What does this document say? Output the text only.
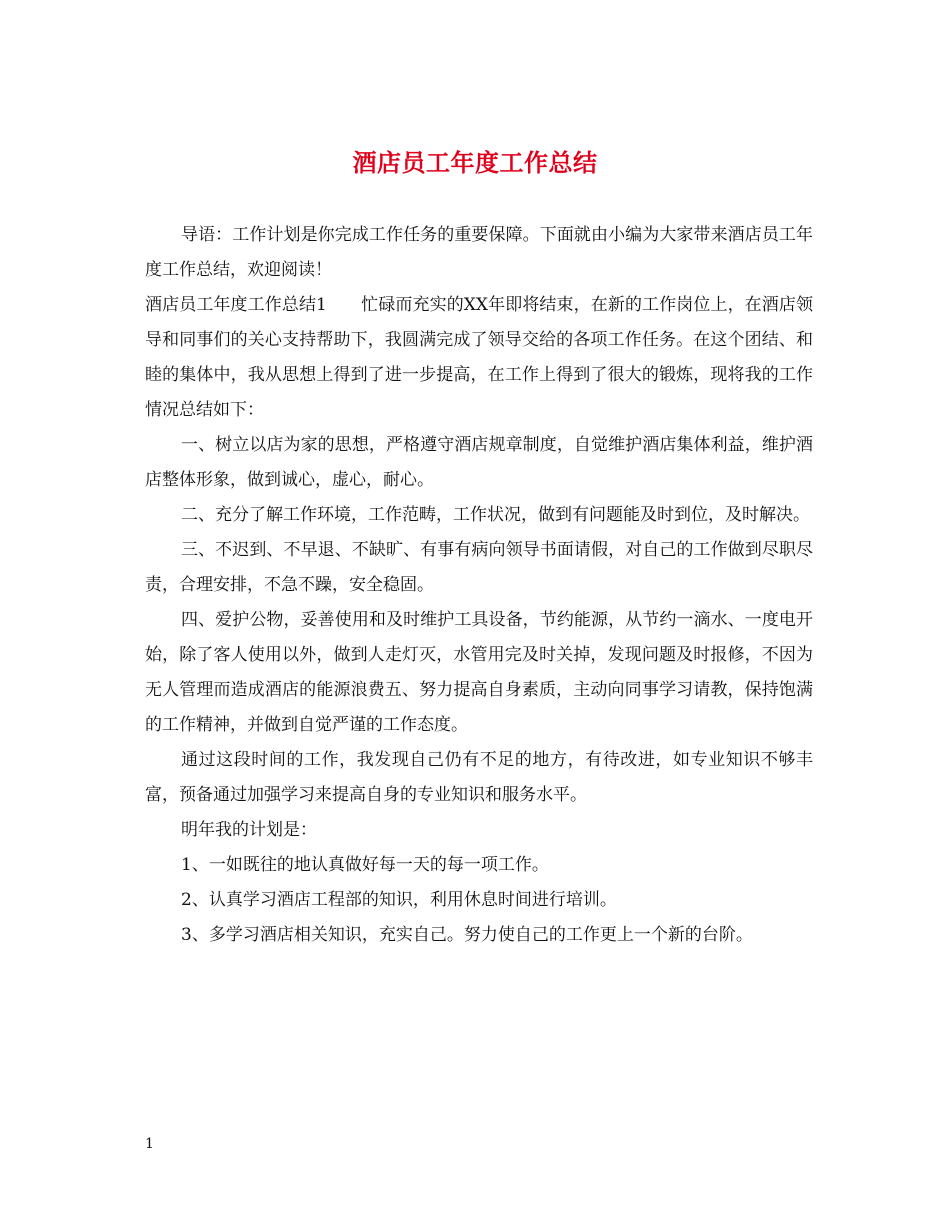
酒店员工年度工作总结

导语：工作计划是你完成工作任务的重要保障。下面就由小编为大家带来酒店员工年度工作总结，欢迎阅读！

酒店员工年度工作总结1　　忙碌而充实的XX年即将结束，在新的工作岗位上，在酒店领导和同事们的关心支持帮助下，我圆满完成了领导交给的各项工作任务。在这个团结、和睦的集体中，我从思想上得到了进一步提高，在工作上得到了很大的锻炼，现将我的工作情况总结如下：

一、树立以店为家的思想，严格遵守酒店规章制度，自觉维护酒店集体利益，维护酒店整体形象，做到诚心，虚心，耐心。

二、充分了解工作环境，工作范畴，工作状况，做到有问题能及时到位，及时解决。

三、不迟到、不早退、不缺旷、有事有病向领导书面请假，对自己的工作做到尽职尽责，合理安排，不急不躁，安全稳固。

四、爱护公物，妥善使用和及时维护工具设备，节约能源，从节约一滴水、一度电开始，除了客人使用以外，做到人走灯灭，水管用完及时关掉，发现问题及时报修，不因为无人管理而造成酒店的能源浪费五、努力提高自身素质，主动向同事学习请教，保持饱满的工作精神，并做到自觉严谨的工作态度。

通过这段时间的工作，我发现自己仍有不足的地方，有待改进，如专业知识不够丰富，预备通过加强学习来提高自身的专业知识和服务水平。

明年我的计划是：

1、一如既往的地认真做好每一天的每一项工作。

2、认真学习酒店工程部的知识，利用休息时间进行培训。

3、多学习酒店相关知识，充实自己。努力使自己的工作更上一个新的台阶。

1
